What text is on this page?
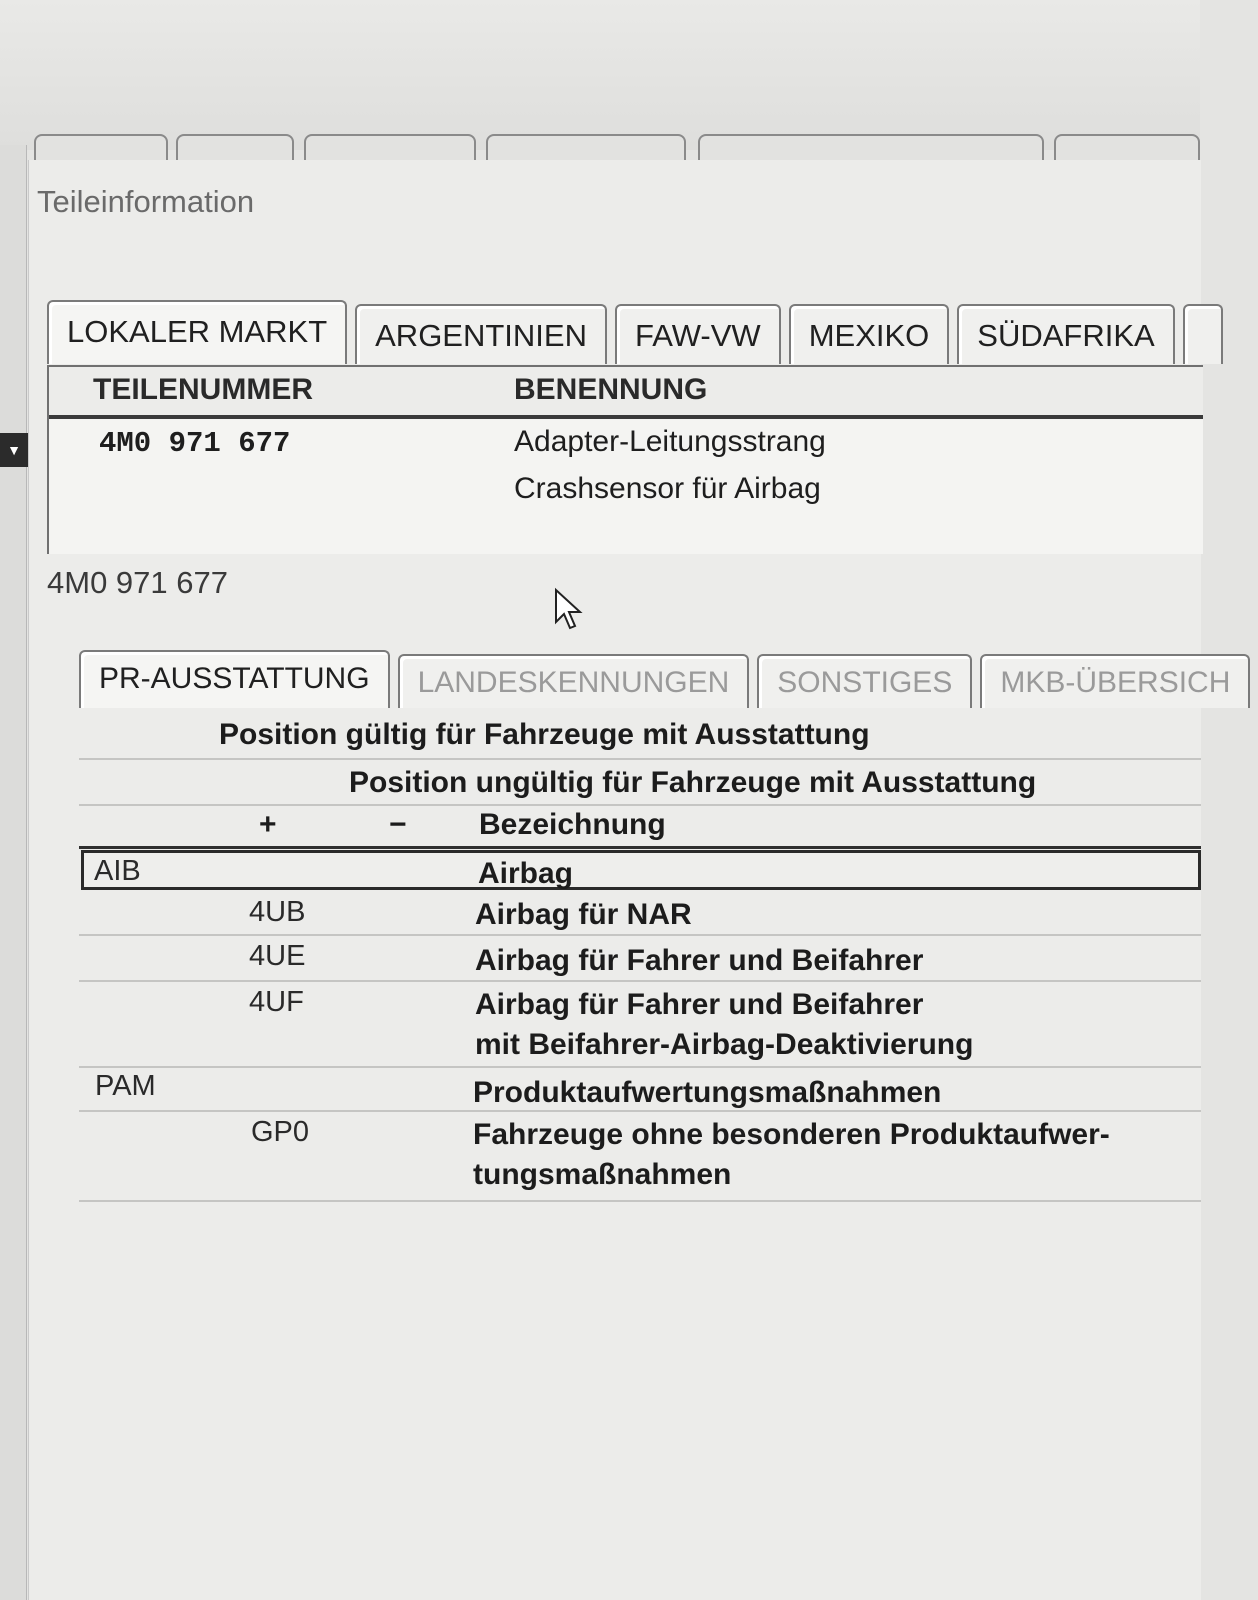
▼
Teileinformation
LOKALER MARKT	ARGENTINIEN	FAW-VW	MEXIKO	SÜDAFRIKA
TEILENUMMER	BENENNUNG
4M0 971 677	Adapter-Leitungsstrang
Crashsensor für Airbag
4M0 971 677
PR-AUSSTATTUNG	LANDESKENNUNGEN	SONSTIGES	MKB-ÜBERSICH
Position gültig für Fahrzeuge mit Ausstattung
Position ungültig für Fahrzeuge mit Ausstattung
+	− Bezeichnung
AIB	Airbag
4UB	Airbag für NAR
4UE	Airbag für Fahrer und Beifahrer
4UF	Airbag für Fahrer und Beifahrer
mit Beifahrer-Airbag-Deaktivierung
PAM	Produktaufwertungsmaßnahmen
GP0	Fahrzeuge ohne besonderen Produktaufwer-
tungsmaßnahmen
